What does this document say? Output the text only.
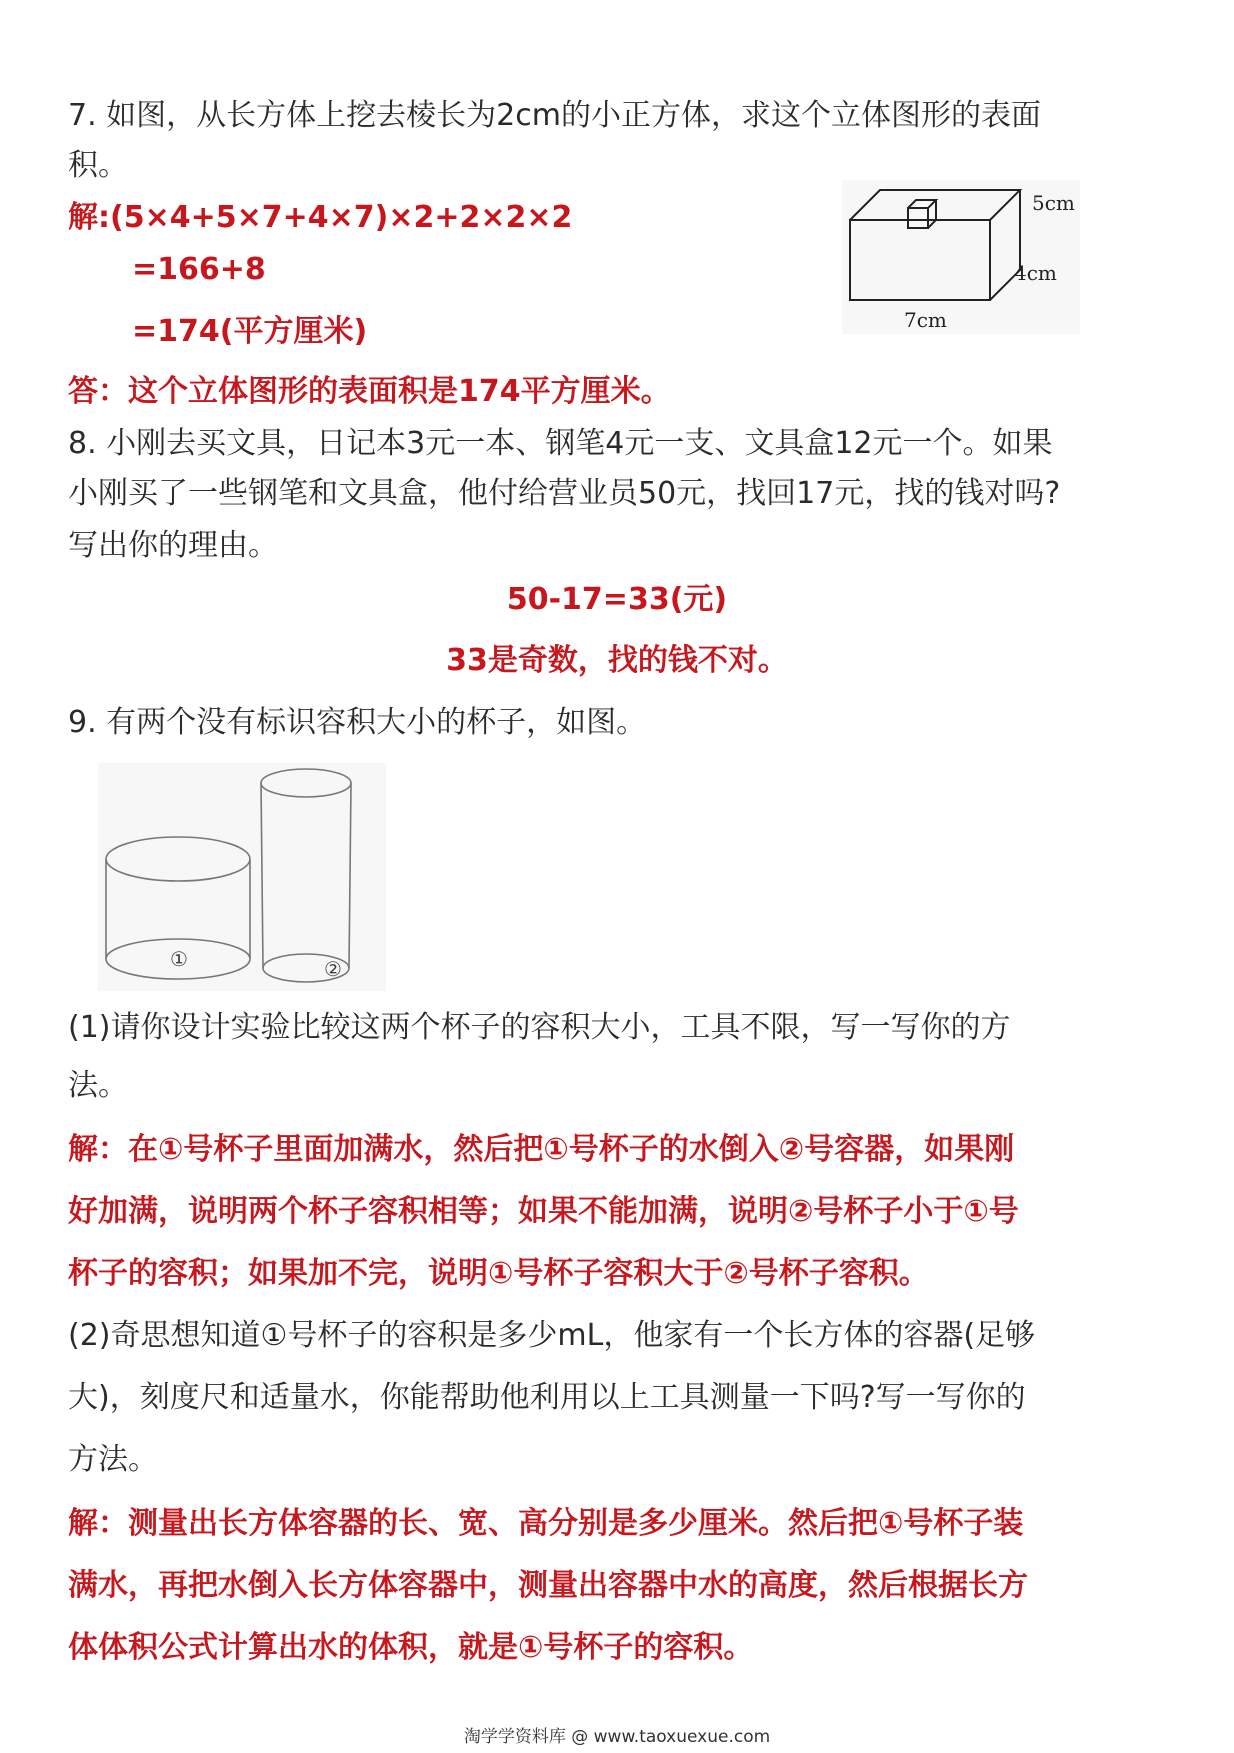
7. 如图，从长方体上挖去棱长为2cm的小正方体，求这个立体图形的表面
积。
解:(5×4+5×7+4×7)×2+2×2×2
=166+8
=174(平方厘米)
5cm
4cm
7cm
答：这个立体图形的表面积是174平方厘米。
8. 小刚去买文具，日记本3元一本、钢笔4元一支、文具盒12元一个。如果
小刚买了一些钢笔和文具盒，他付给营业员50元，找回17元，找的钱对吗?
写出你的理由。
50-17=33(元)
33是奇数，找的钱不对。
9. 有两个没有标识容积大小的杯子，如图。
①	②
(1)请你设计实验比较这两个杯子的容积大小，工具不限，写一写你的方
法。
解：在①号杯子里面加满水，然后把①号杯子的水倒入②号容器，如果刚
好加满，说明两个杯子容积相等；如果不能加满，说明②号杯子小于①号
杯子的容积；如果加不完，说明①号杯子容积大于②号杯子容积。
(2)奇思想知道①号杯子的容积是多少mL，他家有一个长方体的容器(足够
大)，刻度尺和适量水，你能帮助他利用以上工具测量一下吗?写一写你的
方法。
解：测量出长方体容器的长、宽、高分别是多少厘米。然后把①号杯子装
满水，再把水倒入长方体容器中，测量出容器中水的高度，然后根据长方
体体积公式计算出水的体积，就是①号杯子的容积。
淘学学资料库 @ www.taoxuexue.com
